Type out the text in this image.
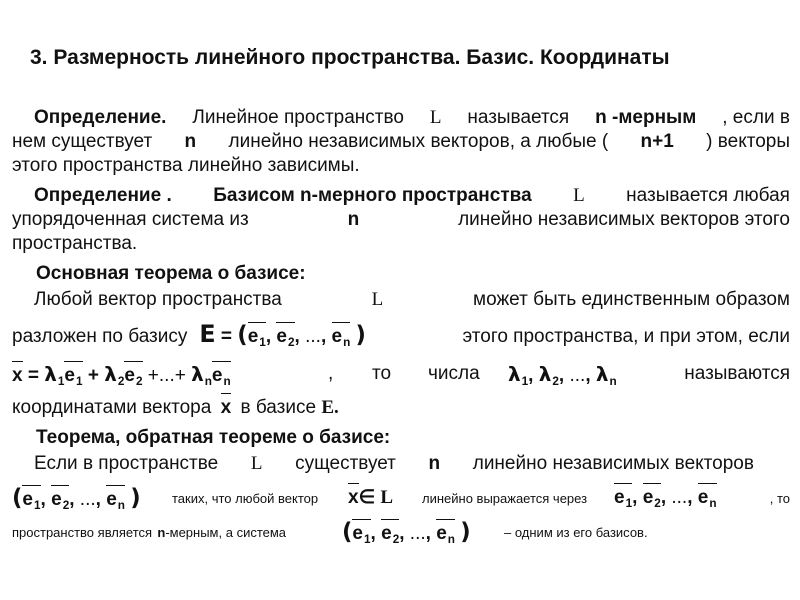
3. Размерность линейного пространства. Базис. Координаты
Определение. Линейное пространство L называется n -мерным , если в
нем существует n линейно независимых векторов, а любые ( n+1 ) векторы
этого пространства линейно зависимы.
Определение . Базисом n-мерного пространства L называется любая
упорядоченная система из	n	линейно независимых векторов этого
пространства.
Основная теорема о базисе:
Любой вектор пространства	L	может быть единственным образом
разложен по базису $E = (e_1$, $e_2$, ..., $e_n$ )	этого пространства, и при этом, если
$x = \lambda_1e_1 + \lambda_2e_2$ +...+ $\lambda_ne_n$	, то числа $\lambda_1$, $\lambda_2$, ..., $\lambda_n$	называются
координатами вектора x в базисе E.
Теорема, обратная теореме о базисе:
Если в пространстве L существует n линейно независимых векторов
($e_1$, $e_2$, ..., $e_n$ ) таких, что любой вектор x∈ L линейно выражается через $e_1$, $e_2$, ..., $e_n$	, то
пространство является n-мерным, а система ($e_1$, $e_2$, ..., $e_n$ )	– одним из его базисов.
